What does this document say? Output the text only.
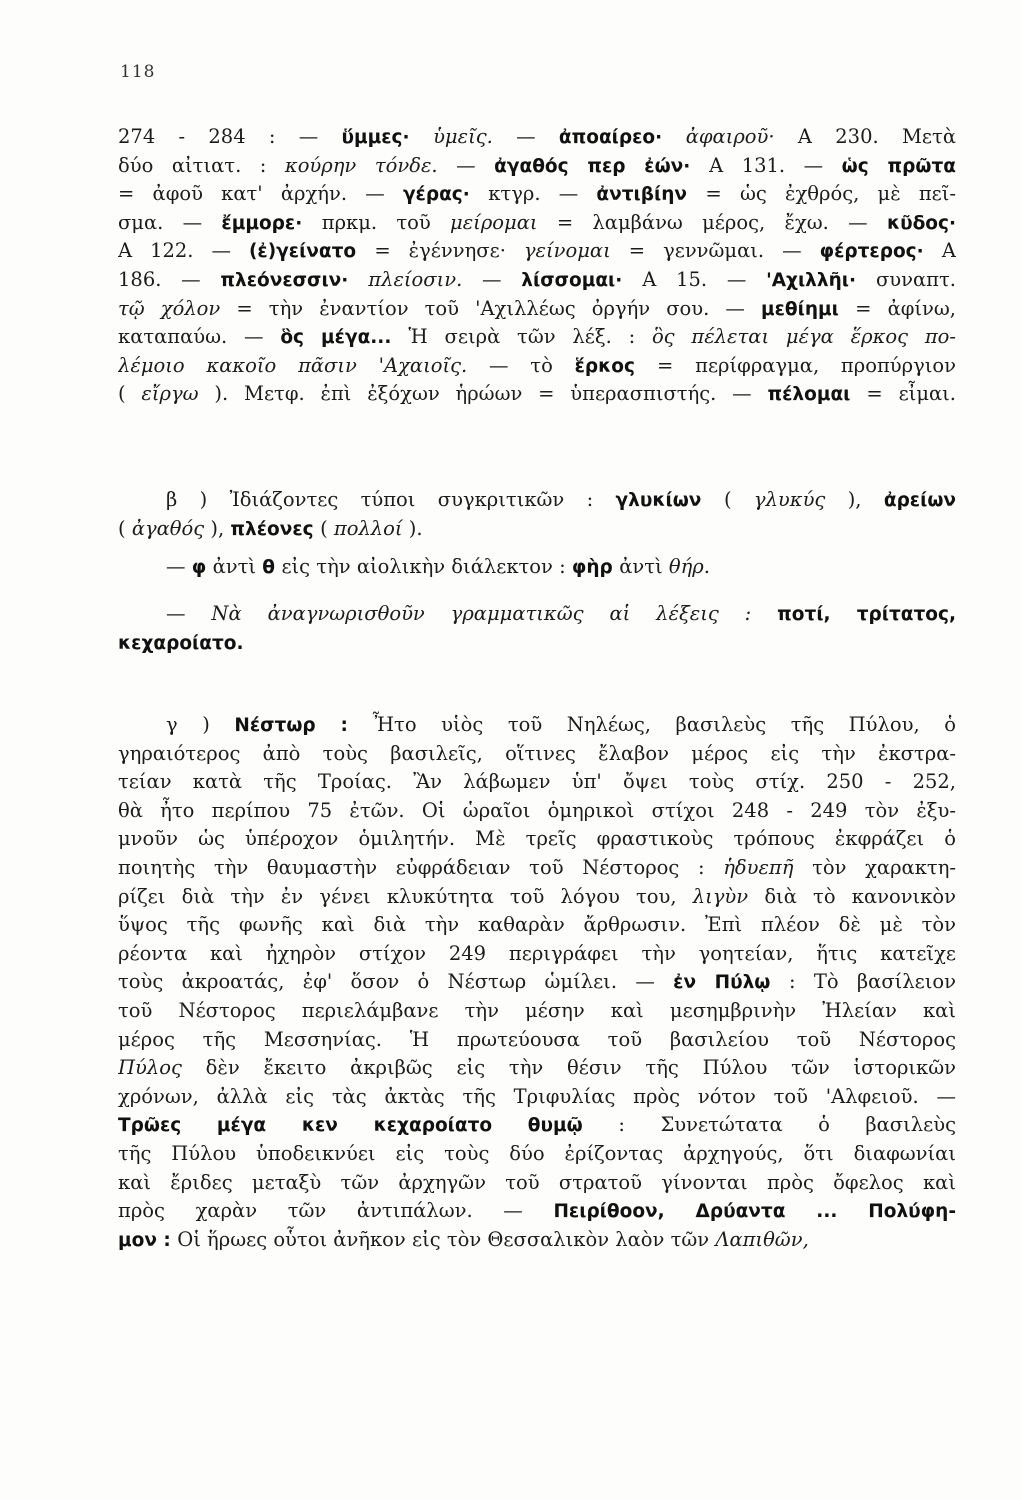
118
274 - 284 : — ὕμμες· ὑμεῖς. — ἀποαίρεο· ἀφαιροῦ· Α 230. Μετὰ
δύο αἰτιατ. : κούρην τόνδε. — ἀγαθός περ ἐών· Α 131. — ὡς πρῶτα
= ἀφοῦ κατ' ἀρχήν. — γέρας· κτγρ. — ἀντιβίην = ὡς ἐχθρός, μὲ πεῖ-
σμα. — ἔμμορε· πρκμ. τοῦ μείρομαι = λαμβάνω μέρος, ἔχω. — κῦδος·
Α 122. — (ἐ)γείνατο = ἐγέννησε· γείνομαι = γεννῶμαι. — φέρτερος· Α
186. — πλεόνεσσιν· πλείοσιν. — λίσσομαι· Α 15. — 'Αχιλλῆι· συναπτ.
τῷ χόλον = τὴν ἐναντίον τοῦ 'Αχιλλέως ὀργήν σου. — μεθίημι = ἀφίνω,
καταπαύω. — ὃς μέγα... Ἡ σειρὰ τῶν λέξ. : ὃς πέλεται μέγα ἕρκος πο-
λέμοιο κακοῖο πᾶσιν 'Αχαιοῖς. — τὸ ἕρκος = περίφραγμα, προπύργιον
( εἴργω ). Μετφ. ἐπὶ ἐξόχων ἡρώων = ὑπερασπιστής. — πέλομαι = εἶμαι.
β ) Ἰδιάζοντες τύποι συγκριτικῶν : γλυκίων ( γλυκύς ), ἀρείων
( ἀγαθός ), πλέονες ( πολλοί ).
— φ ἀντὶ θ εἰς τὴν αἰολικὴν διάλεκτον : φὴρ ἀντὶ θήρ.
— Νὰ ἀναγνωρισθοῦν γραμματικῶς αἱ λέξεις : ποτί, τρίτατος,
κεχαροίατο.
γ ) Νέστωρ : Ἦτο υἱὸς τοῦ Νηλέως, βασιλεὺς τῆς Πύλου, ὁ
γηραιότερος ἀπὸ τοὺς βασιλεῖς, οἵτινες ἔλαβον μέρος εἰς τὴν ἐκστρα-
τείαν κατὰ τῆς Τροίας. Ἂν λάβωμεν ὑπ' ὄψει τοὺς στίχ. 250 - 252,
θὰ ἦτο περίπου 75 ἐτῶν. Οἱ ὡραῖοι ὁμηρικοὶ στίχοι 248 - 249 τὸν ἐξυ-
μνοῦν ὡς ὑπέροχον ὁμιλητήν. Μὲ τρεῖς φραστικοὺς τρόπους ἐκφράζει ὁ
ποιητὴς τὴν θαυμαστὴν εὐφράδειαν τοῦ Νέστορος : ἡδυεπῆ τὸν χαρακτη-
ρίζει διὰ τὴν ἐν γένει κλυκύτητα τοῦ λόγου του, λιγὺν διὰ τὸ κανονικὸν
ὕψος τῆς φωνῆς καὶ διὰ τὴν καθαρὰν ἄρθρωσιν. Ἐπὶ πλέον δὲ μὲ τὸν
ρέοντα καὶ ἠχηρὸν στίχον 249 περιγράφει τὴν γοητείαν, ἥτις κατεῖχε
τοὺς ἀκροατάς, ἐφ' ὅσον ὁ Νέστωρ ὡμίλει. — ἐν Πύλῳ : Τὸ βασίλειον
τοῦ Νέστορος περιελάμβανε τὴν μέσην καὶ μεσημβρινὴν Ἠλείαν καὶ
μέρος τῆς Μεσσηνίας. Ἡ πρωτεύουσα τοῦ βασιλείου τοῦ Νέστορος
Πύλος δὲν ἔκειτο ἀκριβῶς εἰς τὴν θέσιν τῆς Πύλου τῶν ἱστορικῶν
χρόνων, ἀλλὰ εἰς τὰς ἀκτὰς τῆς Τριφυλίας πρὸς νότον τοῦ 'Αλφειοῦ. —
Τρῶες μέγα κεν κεχαροίατο θυμῷ : Συνετώτατα ὁ βασιλεὺς
τῆς Πύλου ὑποδεικνύει εἰς τοὺς δύο ἐρίζοντας ἀρχηγούς, ὅτι διαφωνίαι
καὶ ἔριδες μεταξὺ τῶν ἀρχηγῶν τοῦ στρατοῦ γίνονται πρὸς ὄφελος καὶ
πρὸς χαρὰν τῶν ἀντιπάλων. — Πειρίθοον, Δρύαντα ... Πολύφη-
μον : Οἱ ἥρωες οὗτοι ἀνῆκον εἰς τὸν Θεσσαλικὸν λαὸν τῶν Λαπιθῶν,
